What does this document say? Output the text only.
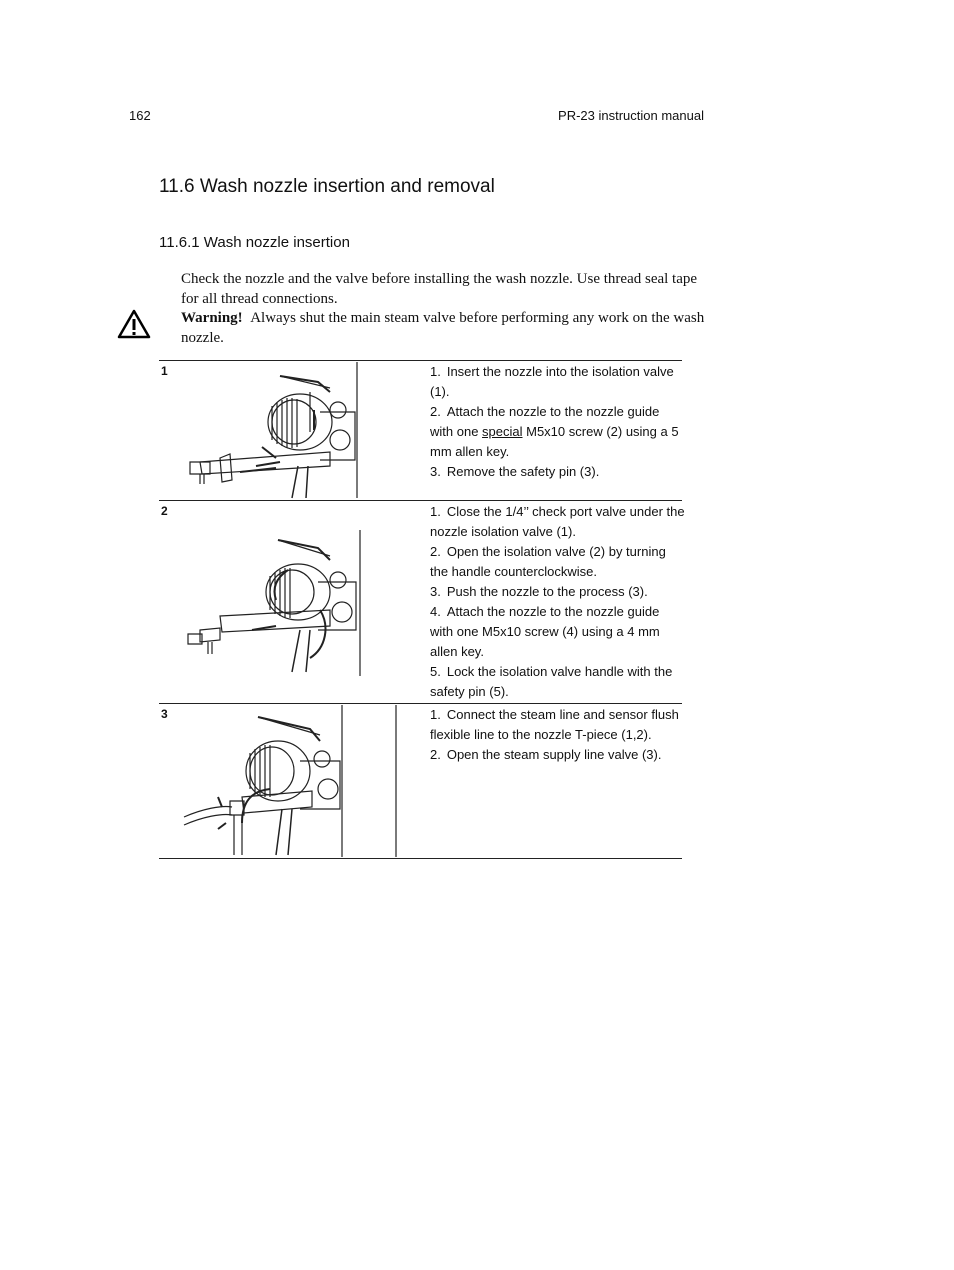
162	PR-23 instruction manual
11.6 Wash nozzle insertion and removal
11.6.1 Wash nozzle insertion
Check the nozzle and the valve before installing the wash nozzle. Use thread seal tape for all thread connections.
Warning! Always shut the main steam valve before performing any work on the wash nozzle.
1	1. Insert the nozzle into the isolation valve (1).
2. Attach the nozzle to the nozzle guide with one special M5x10 screw (2) using a 5 mm allen key.
3. Remove the safety pin (3).
2	1. Close the 1/4’’ check port valve under the nozzle isolation valve (1).
2. Open the isolation valve (2) by turning the handle counterclockwise.
3. Push the nozzle to the process (3).
4. Attach the nozzle to the nozzle guide with one M5x10 screw (4) using a 4 mm allen key.
5. Lock the isolation valve handle with the safety pin (5).
3	1. Connect the steam line and sensor flush flexible line to the nozzle T-piece (1,2).
2. Open the steam supply line valve (3).
